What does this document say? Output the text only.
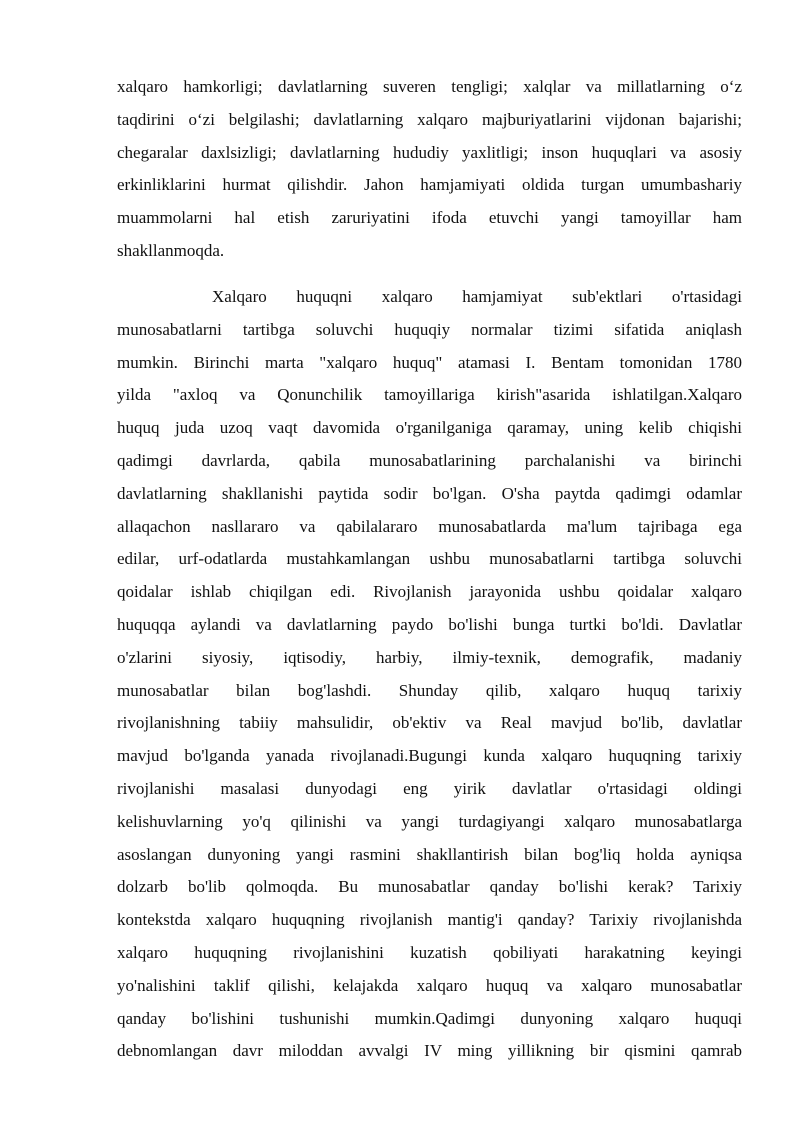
xalqaro hamkorligi; davlatlarning suveren tengligi; xalqlar va millatlarning o‘z
taqdirini o‘zi belgilashi; davlatlarning xalqaro majburiyatlarini vijdonan bajarishi;
chegaralar daxlsizligi; davlatlarning hududiy yaxlitligi; inson huquqlari va asosiy
erkinliklarini hurmat qilishdir. Jahon hamjamiyati oldida turgan umumbashariy
muammolarni hal etish zaruriyatini ifoda etuvchi yangi tamoyillar ham
shakllanmoqda.
Xalqaro huquqni xalqaro hamjamiyat sub'ektlari o'rtasidagi
munosabatlarni tartibga soluvchi huquqiy normalar tizimi sifatida aniqlash
mumkin. Birinchi marta "xalqaro huquq" atamasi I. Bentam tomonidan 1780
yilda "axloq va Qonunchilik tamoyillariga kirish"asarida ishlatilgan.Xalqaro
huquq juda uzoq vaqt davomida o'rganilganiga qaramay, uning kelib chiqishi
qadimgi davrlarda, qabila munosabatlarining parchalanishi va birinchi
davlatlarning shakllanishi paytida sodir bo'lgan. O'sha paytda qadimgi odamlar
allaqachon nasllararo va qabilalararo munosabatlarda ma'lum tajribaga ega
edilar, urf-odatlarda mustahkamlangan ushbu munosabatlarni tartibga soluvchi
qoidalar ishlab chiqilgan edi. Rivojlanish jarayonida ushbu qoidalar xalqaro
huquqqa aylandi va davlatlarning paydo bo'lishi bunga turtki bo'ldi. Davlatlar
o'zlarini siyosiy, iqtisodiy, harbiy, ilmiy-texnik, demografik, madaniy
munosabatlar bilan bog'lashdi. Shunday qilib, xalqaro huquq tarixiy
rivojlanishning tabiiy mahsulidir, ob'ektiv va Real mavjud bo'lib, davlatlar
mavjud bo'lganda yanada rivojlanadi.Bugungi kunda xalqaro huquqning tarixiy
rivojlanishi masalasi dunyodagi eng yirik davlatlar o'rtasidagi oldingi
kelishuvlarning yo'q qilinishi va yangi turdagiyangi xalqaro munosabatlarga
asoslangan dunyoning yangi rasmini shakllantirish bilan bog'liq holda ayniqsa
dolzarb bo'lib qolmoqda. Bu munosabatlar qanday bo'lishi kerak? Tarixiy
kontekstda xalqaro huquqning rivojlanish mantig'i qanday? Tarixiy rivojlanishda
xalqaro huquqning rivojlanishini kuzatish qobiliyati harakatning keyingi
yo'nalishini taklif qilishi, kelajakda xalqaro huquq va xalqaro munosabatlar
qanday bo'lishini tushunishi mumkin.Qadimgi dunyoning xalqaro huquqi
debnomlangan davr miloddan avvalgi IV ming yillikning bir qismini qamrab
